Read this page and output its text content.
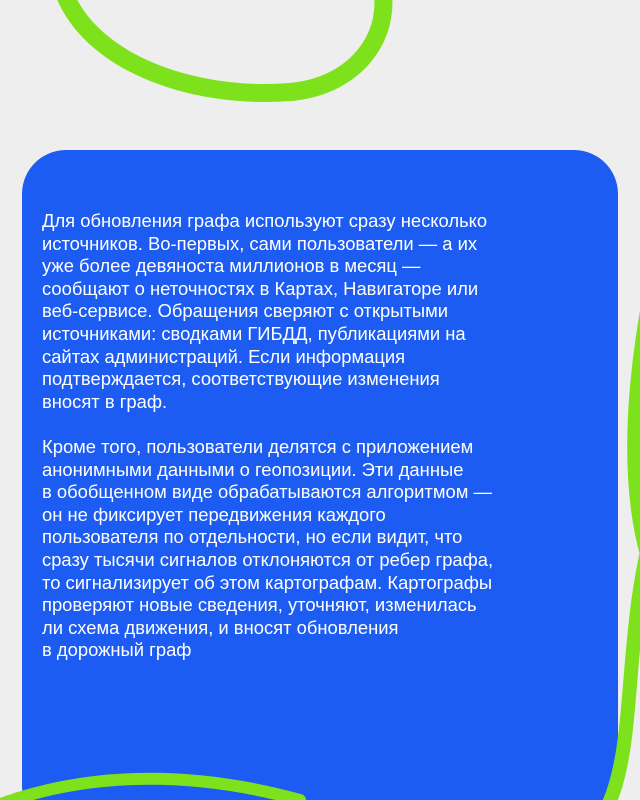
Для обновления графа используют сразу несколько
источников. Во-первых, сами пользователи — а их
уже более девяноста миллионов в месяц —
сообщают о неточностях в Картах, Навигаторе или
веб-сервисе. Обращения сверяют с открытыми
источниками: сводками ГИБДД, публикациями на
сайтах администраций. Если информация
подтверждается, соответствующие изменения
вносят в граф.

Кроме того, пользователи делятся с приложением
анонимными данными о геопозиции. Эти данные
в обобщенном виде обрабатываются алгоритмом —
он не фиксирует передвижения каждого
пользователя по отдельности, но если видит, что
сразу тысячи сигналов отклоняются от ребер графа,
то сигнализирует об этом картографам. Картографы
проверяют новые сведения, уточняют, изменилась
ли схема движения, и вносят обновления
в дорожный граф
